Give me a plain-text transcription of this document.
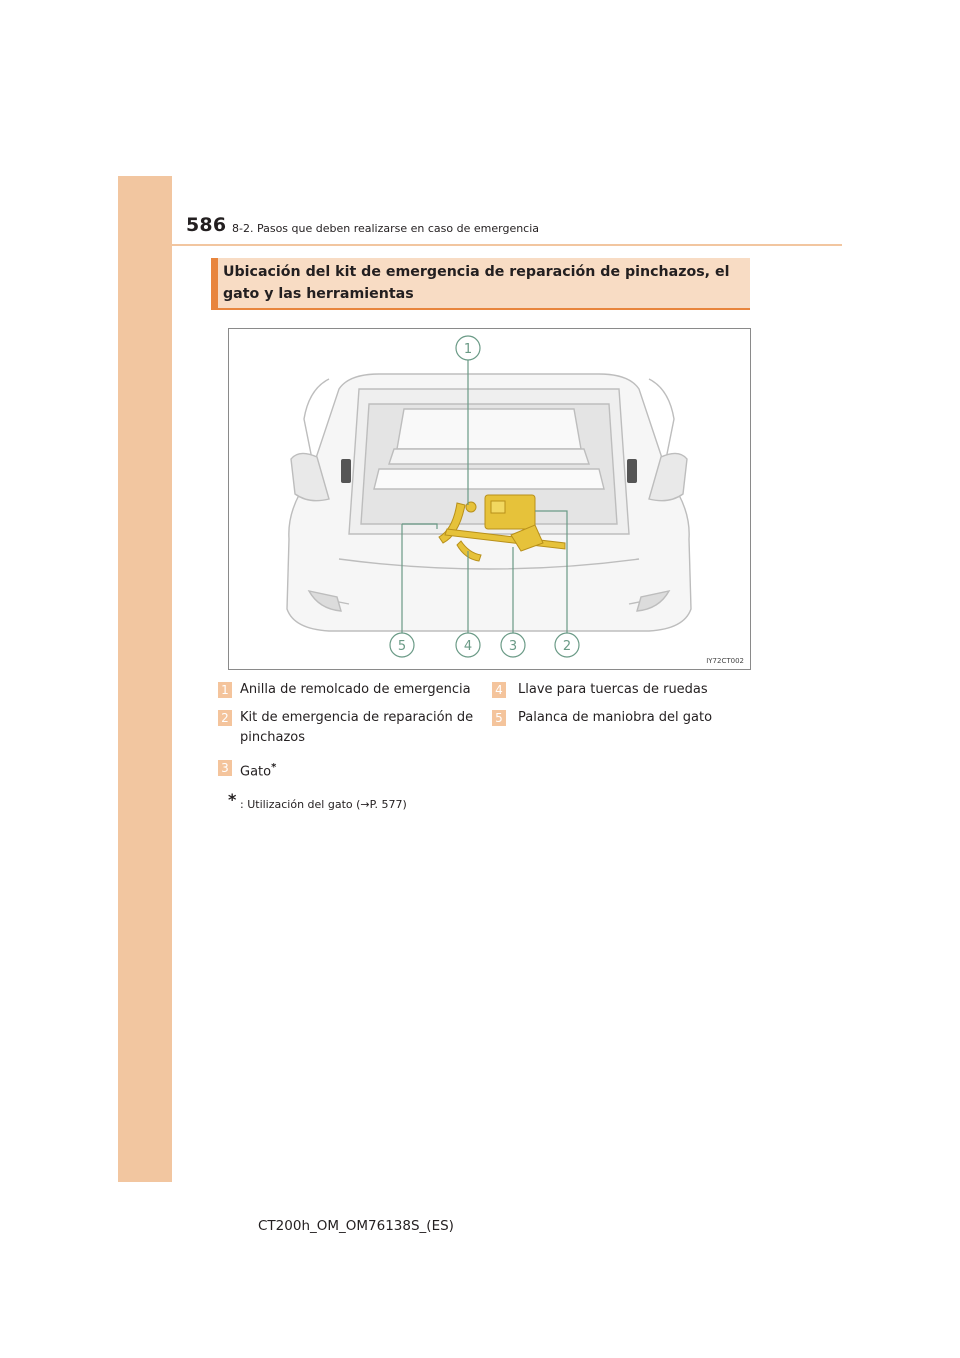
586 8-2. Pasos que deben realizarse en caso de emergencia
Ubicación del kit de emergencia de reparación de pinchazos, el gato y las herramientas
1
5	4	3	2
IY72CT002
1 Anilla de remolcado de emergencia
2 Kit de emergencia de reparación de pinchazos
3 Gato*
4 Llave para tuercas de ruedas
5 Palanca de maniobra del gato
* : Utilización del gato (→P. 577)
CT200h_OM_OM76138S_(ES)
